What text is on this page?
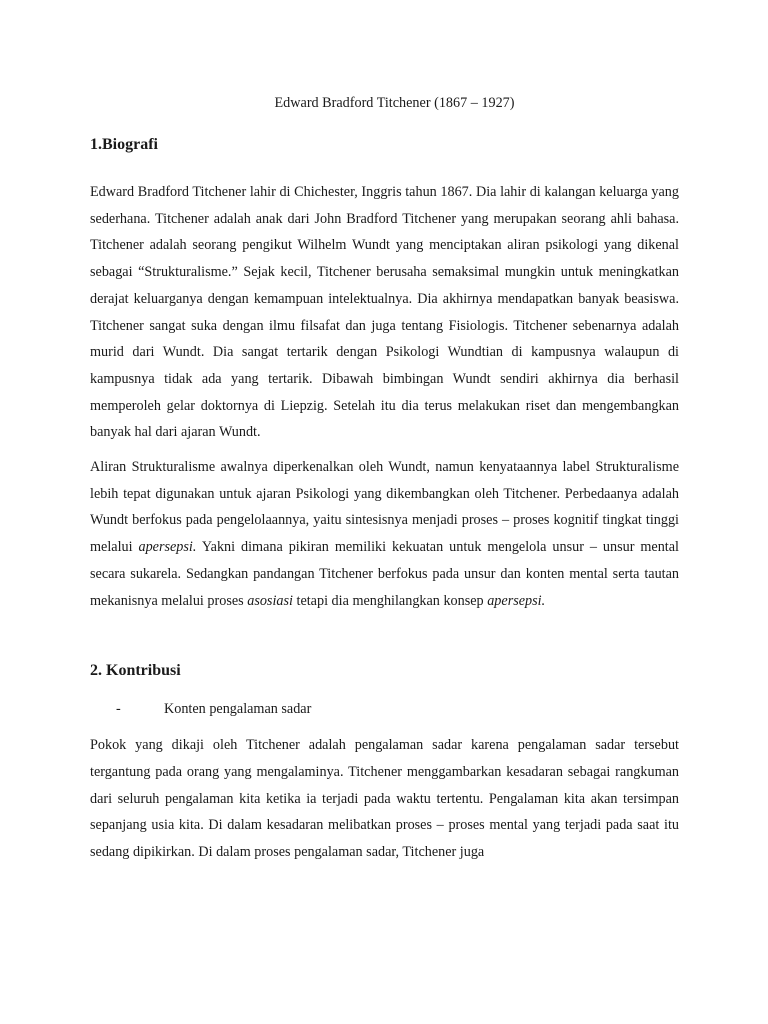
Edward Bradford Titchener (1867 – 1927)

1.Biografi

Edward Bradford Titchener lahir di Chichester, Inggris tahun 1867. Dia lahir di kalangan keluarga yang sederhana. Titchener adalah anak dari John Bradford Titchener yang merupakan seorang ahli bahasa. Titchener adalah seorang pengikut Wilhelm Wundt yang menciptakan aliran psikologi yang dikenal sebagai “Strukturalisme.” Sejak kecil, Titchener berusaha semaksimal mungkin untuk meningkatkan derajat keluarganya dengan kemampuan intelektualnya. Dia akhirnya mendapatkan banyak beasiswa. Titchener sangat suka dengan ilmu filsafat dan juga tentang Fisiologis. Titchener sebenarnya adalah murid dari Wundt. Dia sangat tertarik dengan Psikologi Wundtian di kampusnya walaupun di kampusnya tidak ada yang tertarik. Dibawah bimbingan Wundt sendiri akhirnya dia berhasil memperoleh gelar doktornya di Liepzig. Setelah itu dia terus melakukan riset dan mengembangkan banyak hal dari ajaran Wundt.

Aliran Strukturalisme awalnya diperkenalkan oleh Wundt, namun kenyataannya label Strukturalisme lebih tepat digunakan untuk ajaran Psikologi yang dikembangkan oleh Titchener. Perbedaanya adalah Wundt berfokus pada pengelolaannya, yaitu sintesisnya menjadi proses – proses kognitif tingkat tinggi melalui apersepsi. Yakni dimana pikiran memiliki kekuatan untuk mengelola unsur – unsur mental secara sukarela. Sedangkan pandangan Titchener berfokus pada unsur dan konten mental serta tautan mekanisnya melalui proses asosiasi tetapi dia menghilangkan konsep apersepsi.

2. Kontribusi
-	Konten pengalaman sadar

Pokok yang dikaji oleh Titchener adalah pengalaman sadar karena pengalaman sadar tersebut tergantung pada orang yang mengalaminya. Titchener menggambarkan kesadaran sebagai rangkuman dari seluruh pengalaman kita ketika ia terjadi pada waktu tertentu. Pengalaman kita akan tersimpan sepanjang usia kita. Di dalam kesadaran melibatkan proses – proses mental yang terjadi pada saat itu sedang dipikirkan. Di dalam proses pengalaman sadar, Titchener juga
